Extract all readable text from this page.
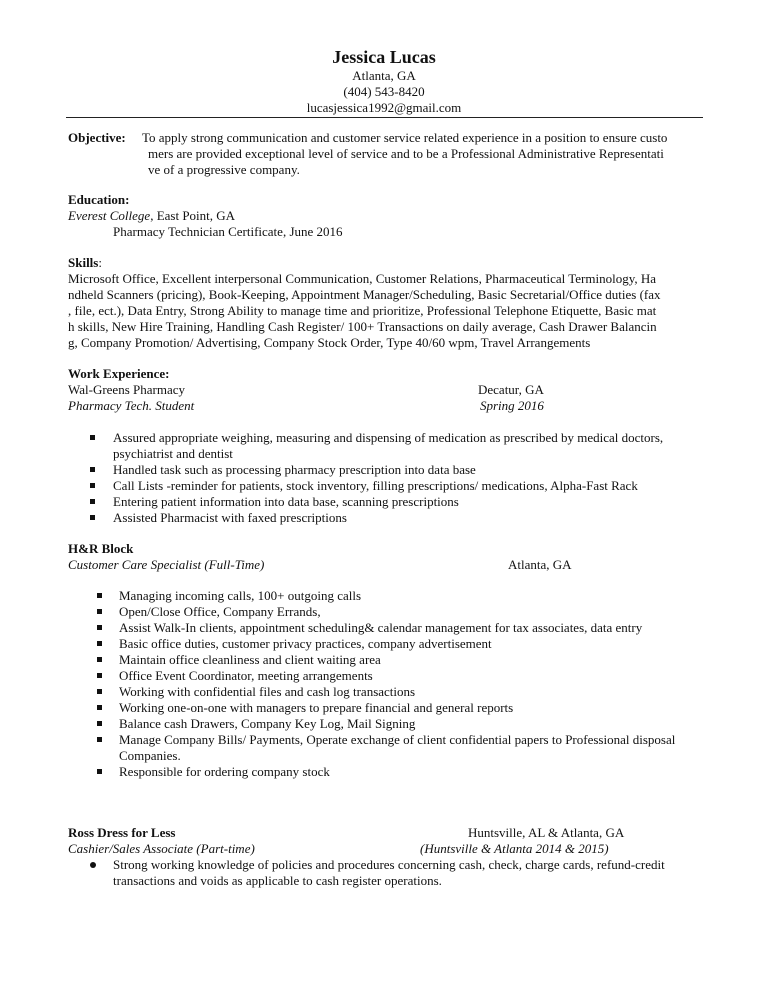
Jessica Lucas
Atlanta, GA
(404) 543-8420
lucasjessica1992@gmail.com
Objective: To apply strong communication and customer service related experience in a position to ensure custo
mers are provided exceptional level of service and to be a Professional Administrative Representati
ve of a progressive company.
Education:
Everest College, East Point, GA
Pharmacy Technician Certificate, June 2016
Skills:
Microsoft Office, Excellent interpersonal Communication, Customer Relations, Pharmaceutical Terminology, Ha
ndheld Scanners (pricing), Book-Keeping, Appointment Manager/Scheduling, Basic Secretarial/Office duties (fax
, file, ect.), Data Entry, Strong Ability to manage time and prioritize, Professional Telephone Etiquette, Basic mat
h skills, New Hire Training, Handling Cash Register/ 100+ Transactions on daily average, Cash Drawer Balancin
g, Company Promotion/ Advertising, Company Stock Order, Type 40/60 wpm, Travel Arrangements
Work Experience:
Wal-Greens Pharmacy	Decatur, GA
Pharmacy Tech. Student	Spring 2016
Assured appropriate weighing, measuring and dispensing of medication as prescribed by medical doctors, psychiatrist and dentist
Handled task such as processing pharmacy prescription into data base
Call Lists -reminder for patients, stock inventory, filling prescriptions/ medications, Alpha-Fast Rack
Entering patient information into data base, scanning prescriptions
Assisted Pharmacist with faxed prescriptions
H&R Block
Customer Care Specialist (Full-Time)	Atlanta, GA
Managing incoming calls, 100+ outgoing calls
Open/Close Office, Company Errands,
Assist Walk-In clients, appointment scheduling& calendar management for tax associates, data entry
Basic office duties, customer privacy practices, company advertisement
Maintain office cleanliness and client waiting area
Office Event Coordinator, meeting arrangements
Working with confidential files and cash log transactions
Working one-on-one with managers to prepare financial and general reports
Balance cash Drawers, Company Key Log, Mail Signing
Manage Company Bills/ Payments, Operate exchange of client confidential papers to Professional disposal Companies.
Responsible for ordering company stock
Ross Dress for Less	Huntsville, AL & Atlanta, GA
Cashier/Sales Associate (Part-time)	(Huntsville & Atlanta 2014 & 2015)
Strong working knowledge of policies and procedures concerning cash, check, charge cards, refund-credit transactions and voids as applicable to cash register operations.
